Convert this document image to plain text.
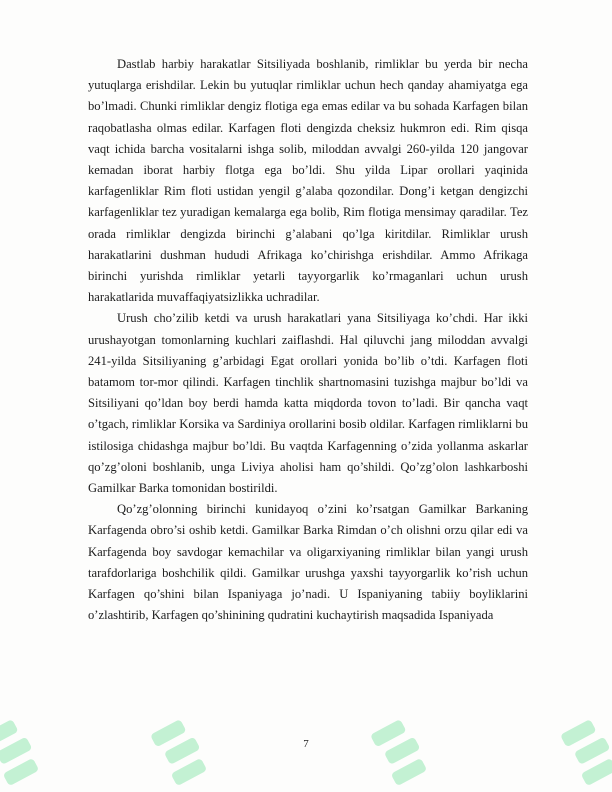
Dastlab harbiy harakatlar Sitsiliyada boshlanib, rimliklar bu yerda bir necha yutuqlarga erishdilar. Lekin bu yutuqlar rimliklar uchun hech qanday ahamiyatga ega bo’lmadi. Chunki rimliklar dengiz flotiga ega emas edilar va bu sohada Karfagen bilan raqobatlasha olmas edilar. Karfagen floti dengizda cheksiz hukmron edi. Rim qisqa vaqt ichida barcha vositalarni ishga solib, miloddan avvalgi 260-yilda 120 jangovar kemadan iborat harbiy flotga ega bo’ldi. Shu yilda Lipar orollari yaqinida karfagenliklar Rim floti ustidan yengil g’alaba qozondilar. Dong’i ketgan dengizchi karfagenliklar tez yuradigan kemalarga ega bolib, Rim flotiga mensimay qaradilar. Tez orada rimliklar dengizda birinchi g’alabani qo’lga kiritdilar. Rimliklar urush harakatlarini dushman hududi Afrikaga ko’chirishga erishdilar. Ammo Afrikaga birinchi yurishda rimliklar yetarli tayyorgarlik ko’rmaganlari uchun urush harakatlarida muvaffaqiyatsizlikka uchradilar.

Urush cho’zilib ketdi va urush harakatlari yana Sitsiliyaga ko’chdi. Har ikki urushayotgan tomonlarning kuchlari zaiflashdi. Hal qiluvchi jang miloddan avvalgi 241-yilda Sitsiliyaning g’arbidagi Egat orollari yonida bo’lib o’tdi. Karfagen floti batamom tor-mor qilindi. Karfagen tinchlik shartnomasini tuzishga majbur bo’ldi va Sitsiliyani qo’ldan boy berdi hamda katta miqdorda tovon to’ladi. Bir qancha vaqt o’tgach, rimliklar Korsika va Sardiniya orollarini bosib oldilar. Karfagen rimliklarni bu istilosiga chidashga majbur bo’ldi. Bu vaqtda Karfagenning o’zida yollanma askarlar qo’zg’oloni boshlanib, unga Liviya aholisi ham qo’shildi. Qo’zg’olon lashkarboshi Gamilkar Barka tomonidan bostirildi.

Qo’zg’olonning birinchi kunidayoq o’zini ko’rsatgan Gamilkar Barkaning Karfagenda obro’si oshib ketdi. Gamilkar Barka Rimdan o’ch olishni orzu qilar edi va Karfagenda boy savdogar kemachilar va oligarxiyaning rimliklar bilan yangi urush tarafdorlariga boshchilik qildi. Gamilkar urushga yaxshi tayyorgarlik ko’rish uchun Karfagen qo’shini bilan Ispaniyaga jo’nadi. U Ispaniyaning tabiiy boyliklarini o’zlashtirib, Karfagen qo’shinining qudratini kuchaytirish maqsadida Ispaniyada

7
